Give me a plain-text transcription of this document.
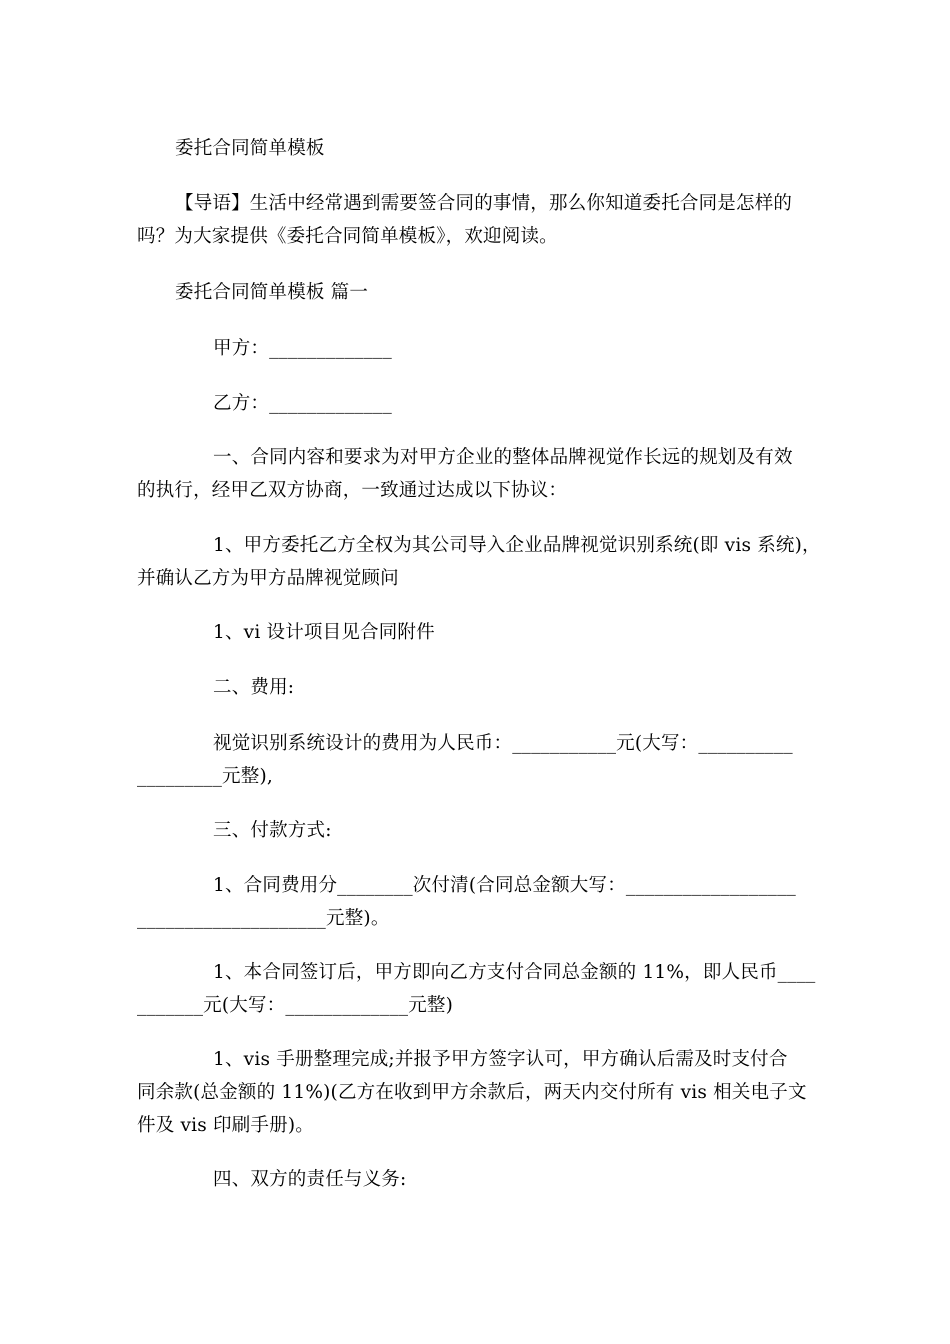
委托合同简单模板
【导语】生活中经常遇到需要签合同的事情，那么你知道委托合同是怎样的
吗？为大家提供《委托合同简单模板》，欢迎阅读。
委托合同简单模板 篇一
甲方：_____________
乙方：_____________
一、合同内容和要求为对甲方企业的整体品牌视觉作长远的规划及有效
的执行，经甲乙双方协商，一致通过达成以下协议：
1、甲方委托乙方全权为其公司导入企业品牌视觉识别系统(即 vis 系统)，
并确认乙方为甲方品牌视觉顾问
1、vi 设计项目见合同附件
二、费用:
视觉识别系统设计的费用为人民币：___________元(大写：__________
_________元整),
三、付款方式:
1、合同费用分________次付清(合同总金额大写：__________________
____________________元整)。
1、本合同签订后，甲方即向乙方支付合同总金额的 11%，即人民币____
_______元(大写：_____________元整)
1、vis 手册整理完成;并报予甲方签字认可，甲方确认后需及时支付合
同余款(总金额的 11%)(乙方在收到甲方余款后，两天内交付所有 vis 相关电子文
件及 vis 印刷手册)。
四、双方的责任与义务:
